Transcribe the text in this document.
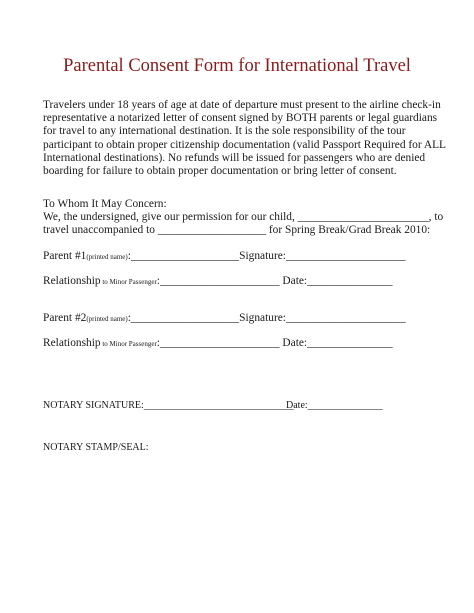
Parental Consent Form for International Travel
Travelers under 18 years of age at date of departure must present to the airline check-in
representative a notarized letter of consent signed by BOTH parents or legal guardians
for travel to any international destination. It is the sole responsibility of the tour
participant to obtain proper citizenship documentation (valid Passport Required for ALL
International destinations). No refunds will be issued for passengers who are denied
boarding for failure to obtain proper documentation or bring letter of consent.
To Whom It May Concern:
We, the undersigned, give our permission for our child, _______________________, to
travel unaccompanied to ___________________ for Spring Break/Grad Break 2010:
Parent #1(printed name):___________________Signature:_____________________
Relationship to Minor Passenger:_____________________ Date:_______________
Parent #2(printed name):___________________Signature:_____________________
Relationship to Minor Passenger:_____________________ Date:_______________
NOTARY SIGNATURE:______________________________
Date:_______________
NOTARY STAMP/SEAL:
